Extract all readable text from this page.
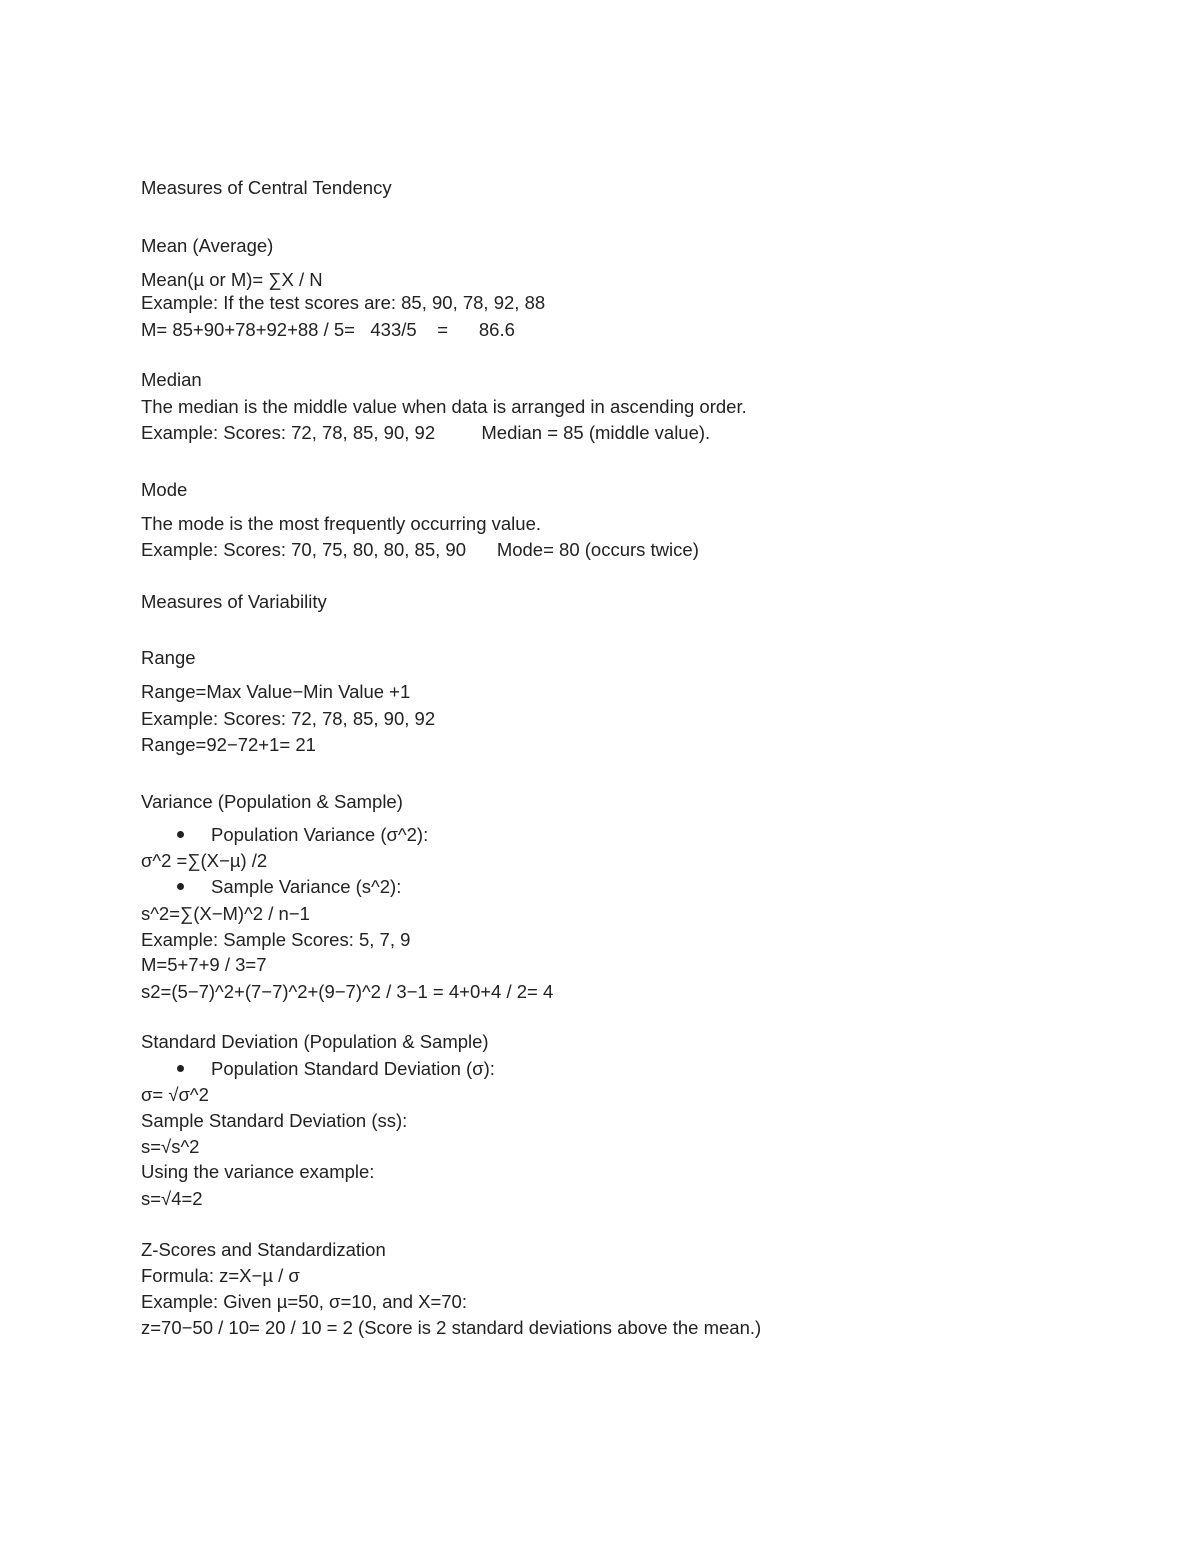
Measures of Central Tendency
Mean (Average)
Mean(µ or M)= ∑X / N
Example: If the test scores are: 85, 90, 78, 92, 88
M= 85+90+78+92+88 / 5=   433/5    =      86.6
Median
The median is the middle value when data is arranged in ascending order.
Example: Scores: 72, 78, 85, 90, 92         Median = 85 (middle value).
Mode
The mode is the most frequently occurring value.
Example: Scores: 70, 75, 80, 80, 85, 90      Mode= 80 (occurs twice)
Measures of Variability
Range
Range=Max Value−Min Value +1
Example: Scores: 72, 78, 85, 90, 92
Range=92−72+1= 21
Variance (Population & Sample)
Population Variance (σ^2):
σ^2 =∑(X−µ) /2
Sample Variance (s^2):
s^2=∑(X−M)^2 / n−1
Example: Sample Scores: 5, 7, 9
M=5+7+9 / 3=7
s2=(5−7)^2+(7−7)^2+(9−7)^2 / 3−1 = 4+0+4 / 2= 4
Standard Deviation (Population & Sample)
Population Standard Deviation (σ):
σ= √σ^2
Sample Standard Deviation (ss):
s=√s^2
Using the variance example:
s=√4=2
Z-Scores and Standardization
Formula: z=X−µ / σ
Example: Given µ=50, σ=10, and X=70:
z=70−50 / 10= 20 / 10 = 2 (Score is 2 standard deviations above the mean.)
